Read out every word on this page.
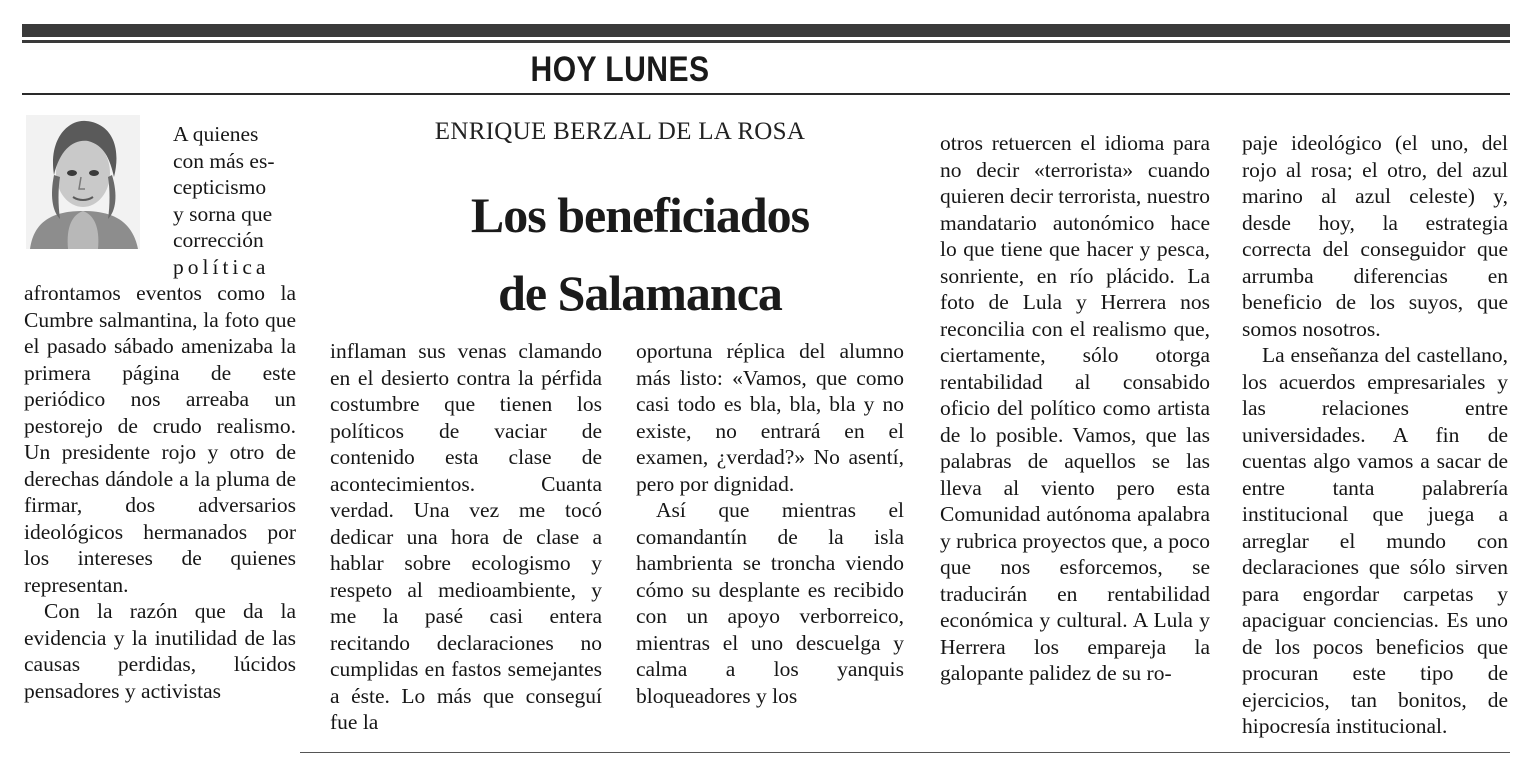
HOY LUNES
A quienes
con más es-
cepticismo
y sorna que
corrección
política

afrontamos eventos como la Cumbre salmantina, la foto que el pasado sábado amenizaba la primera página de este periódico nos arreaba un pestorejo de crudo realismo. Un presidente rojo y otro de derechas dándole a la pluma de firmar, dos adversarios ideológicos hermanados por los intereses de quienes representan.

Con la razón que da la evidencia y la inutilidad de las causas perdidas, lúcidos pensadores y activistas

ENRIQUE BERZAL DE LA ROSA
Los beneficiados
de Salamanca

inflaman sus venas clamando en el desierto contra la pérfida costumbre que tienen los políticos de vaciar de contenido esta clase de acontecimientos. Cuanta verdad. Una vez me tocó dedicar una hora de clase a hablar sobre ecologismo y respeto al medioambiente, y me la pasé casi entera recitando declaraciones no cumplidas en fastos semejantes a éste. Lo más que conseguí fue la

oportuna réplica del alumno más listo: «Vamos, que como casi todo es bla, bla, bla y no existe, no entrará en el examen, ¿verdad?» No asentí, pero por dignidad.

Así que mientras el comandantín de la isla hambrienta se troncha viendo cómo su desplante es recibido con un apoyo verborreico, mientras el uno descuelga y calma a los yanquis bloqueadores y los

otros retuercen el idioma para no decir «terrorista» cuando quieren decir terrorista, nuestro mandatario autonómico hace lo que tiene que hacer y pesca, sonriente, en río plácido. La foto de Lula y Herrera nos reconcilia con el realismo que, ciertamente, sólo otorga rentabilidad al consabido oficio del político como artista de lo posible. Vamos, que las palabras de aquellos se las lleva al viento pero esta Comunidad autónoma apalabra y rubrica proyectos que, a poco que nos esforcemos, se traducirán en rentabilidad económica y cultural. A Lula y Herrera los empareja la galopante palidez de su ro-

paje ideológico (el uno, del rojo al rosa; el otro, del azul marino al azul celeste) y, desde hoy, la estrategia correcta del conseguidor que arrumba diferencias en beneficio de los suyos, que somos nosotros.

La enseñanza del castellano, los acuerdos empresariales y las relaciones entre universidades. A fin de cuentas algo vamos a sacar de entre tanta palabrería institucional que juega a arreglar el mundo con declaraciones que sólo sirven para engordar carpetas y apaciguar conciencias. Es uno de los pocos beneficios que procuran este tipo de ejercicios, tan bonitos, de hipocresía institucional.
